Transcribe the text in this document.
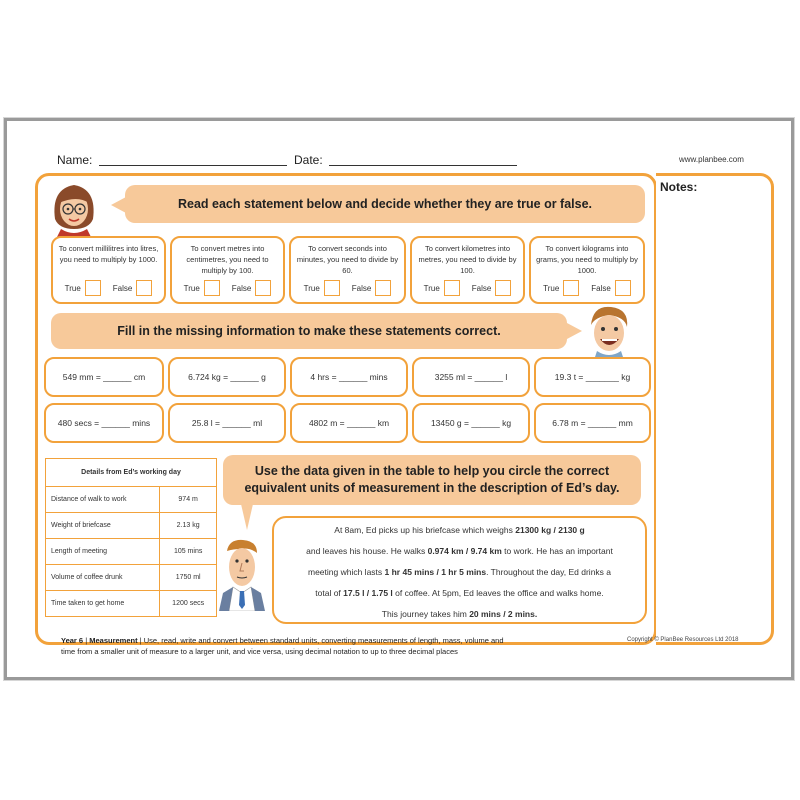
Name:	Date:	www.planbee.com
Notes:
Read each statement below and decide whether they are true or false.
To convert millilitres into litres, you need to multiply by 1000.
True	False
To convert metres into centimetres, you need to multiply by 100.
True	False
To convert seconds into minutes, you need to divide by 60.
True	False
To convert kilometres into metres, you need to divide by 100.
True	False
To convert kilograms into grams, you need to multiply by 1000.
True	False
Fill in the missing information to make these statements correct.
549 mm = ______ cm	6.724 kg = ______ g	4 hrs = ______ mins	3255 ml = ______ l	19.3 t = _______ kg
480 secs = ______ mins	25.8 l = ______ ml	4802 m = ______ km	13450 g = ______ kg	6.78 m = ______ mm
Details from Ed’s working day	
Distance of walk to work	974 m
Weight of briefcase	2.13 kg
Length of meeting	105 mins
Volume of coffee drunk	1750 ml
Time taken to get home	1200 secs
Use the data given in the table to help you circle the correct
equivalent units of measurement in the description of Ed’s day.
At 8am, Ed picks up his briefcase which weighs 21300 kg / 2130 g
and leaves his house. He walks 0.974 km / 9.74 km to work. He has an important
meeting which lasts 1 hr 45 mins / 1 hr 5 mins. Throughout the day, Ed drinks a
total of 17.5 l / 1.75 l of coffee. At 5pm, Ed leaves the office and walks home.
This journey takes him 20 mins / 2 mins.
Year 6 | Measurement | Use, read, write and convert between standard units, converting measurements of length, mass, volume and
time from a smaller unit of measure to a larger unit, and vice versa, using decimal notation to up to three decimal places
Copyright © PlanBee Resources Ltd 2018
